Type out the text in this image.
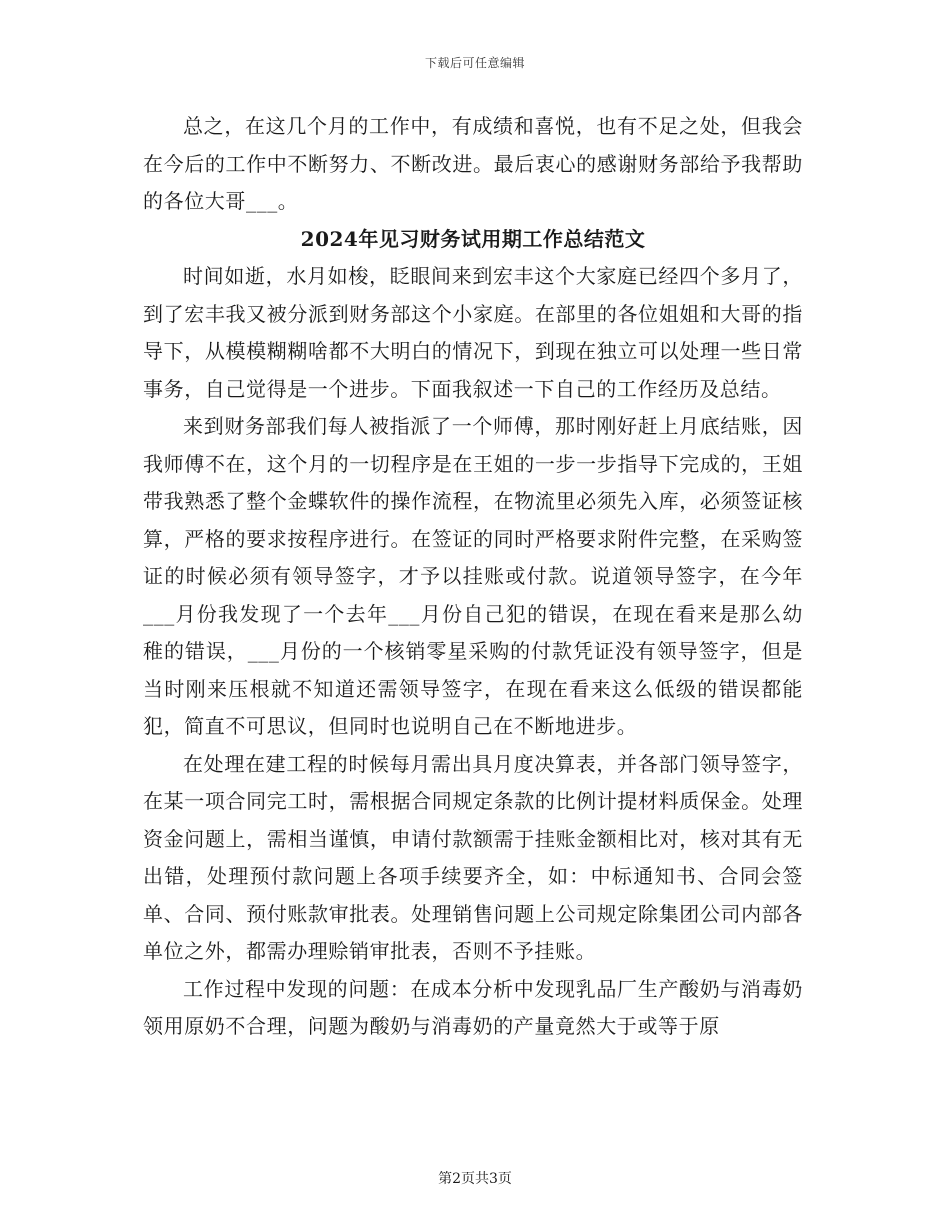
下载后可任意编辑

总之，在这几个月的工作中，有成绩和喜悦，也有不足之处，但我会在今后的工作中不断努力、不断改进。最后衷心的感谢财务部给予我帮助的各位大哥___。

2024年见习财务试用期工作总结范文

时间如逝，水月如梭，眨眼间来到宏丰这个大家庭已经四个多月了，到了宏丰我又被分派到财务部这个小家庭。在部里的各位姐姐和大哥的指导下，从模模糊糊啥都不大明白的情况下，到现在独立可以处理一些日常事务，自己觉得是一个进步。下面我叙述一下自己的工作经历及总结。

来到财务部我们每人被指派了一个师傅，那时刚好赶上月底结账，因我师傅不在，这个月的一切程序是在王姐的一步一步指导下完成的，王姐带我熟悉了整个金蝶软件的操作流程，在物流里必须先入库，必须签证核算，严格的要求按程序进行。在签证的同时严格要求附件完整，在采购签证的时候必须有领导签字，才予以挂账或付款。说道领导签字，在今年___月份我发现了一个去年___月份自己犯的错误，在现在看来是那么幼稚的错误，___月份的一个核销零星采购的付款凭证没有领导签字，但是当时刚来压根就不知道还需领导签字，在现在看来这么低级的错误都能犯，简直不可思议，但同时也说明自己在不断地进步。

在处理在建工程的时候每月需出具月度决算表，并各部门领导签字，在某一项合同完工时，需根据合同规定条款的比例计提材料质保金。处理资金问题上，需相当谨慎，申请付款额需于挂账金额相比对，核对其有无出错，处理预付款问题上各项手续要齐全，如：中标通知书、合同会签单、合同、预付账款审批表。处理销售问题上公司规定除集团公司内部各单位之外，都需办理赊销审批表，否则不予挂账。

工作过程中发现的问题：在成本分析中发现乳品厂生产酸奶与消毒奶领用原奶不合理，问题为酸奶与消毒奶的产量竟然大于或等于原

第2页共3页
